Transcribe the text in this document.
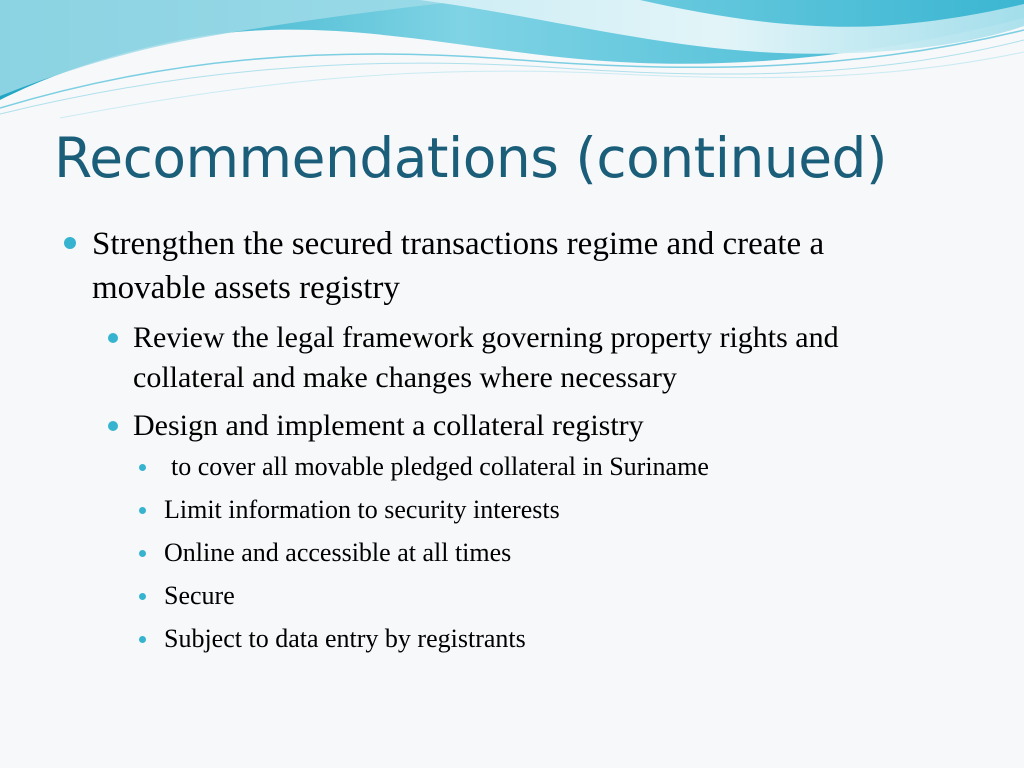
Recommendations (continued)
Strengthen the secured transactions regime and create a movable assets registry
Review the legal framework governing property rights and collateral and make changes where necessary
Design and implement a collateral registry
to cover all movable pledged collateral in Suriname
Limit information to security interests
Online and accessible at all times
Secure
Subject to data entry by registrants
